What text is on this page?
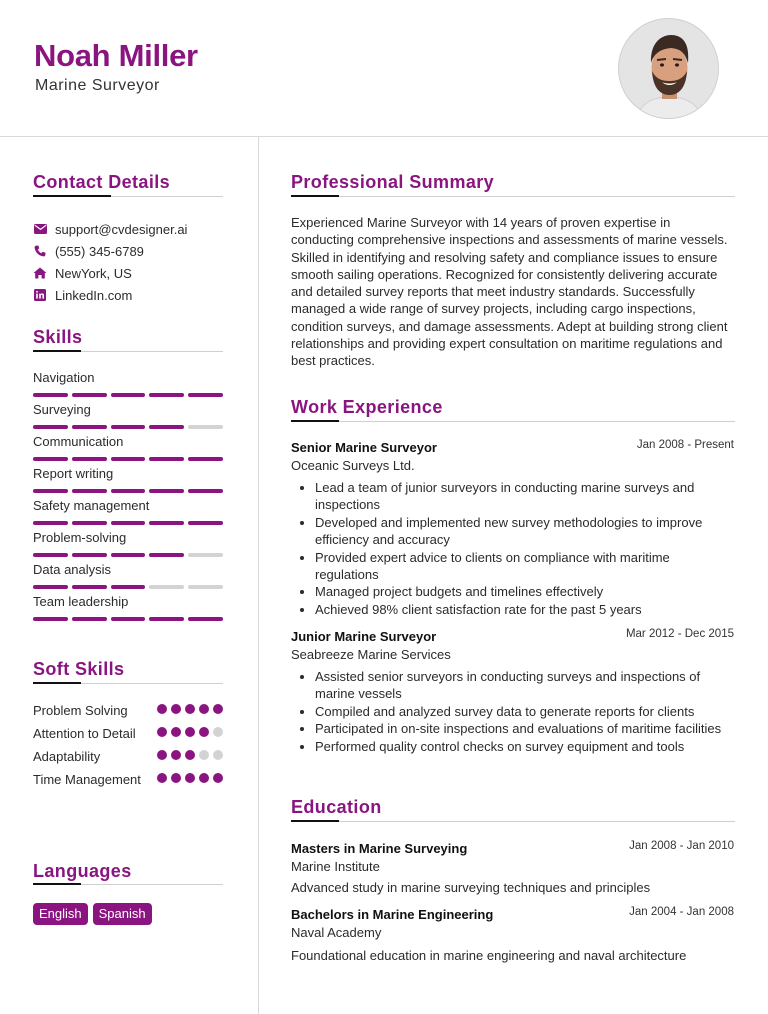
Noah Miller
Marine Surveyor
Contact Details
support@cvdesigner.ai
(555) 345-6789
NewYork, US
LinkedIn.com
Skills
Navigation
Surveying
Communication
Report writing
Safety management
Problem-solving
Data analysis
Team leadership
Soft Skills
Problem Solving
Attention to Detail
Adaptability
Time Management
Languages
English	Spanish
Professional Summary
Experienced Marine Surveyor with 14 years of proven expertise in conducting comprehensive inspections and assessments of marine vessels. Skilled in identifying and resolving safety and compliance issues to ensure smooth sailing operations. Recognized for consistently delivering accurate and detailed survey reports that meet industry standards. Successfully managed a wide range of survey projects, including cargo inspections, condition surveys, and damage assessments. Adept at building strong client relationships and providing expert consultation on maritime regulations and best practices.
Work Experience
Senior Marine Surveyor	Jan 2008 - Present
Oceanic Surveys Ltd.
Lead a team of junior surveyors in conducting marine surveys and inspections
Developed and implemented new survey methodologies to improve efficiency and accuracy
Provided expert advice to clients on compliance with maritime regulations
Managed project budgets and timelines effectively
Achieved 98% client satisfaction rate for the past 5 years
Junior Marine Surveyor	Mar 2012 - Dec 2015
Seabreeze Marine Services
Assisted senior surveyors in conducting surveys and inspections of marine vessels
Compiled and analyzed survey data to generate reports for clients
Participated in on-site inspections and evaluations of maritime facilities
Performed quality control checks on survey equipment and tools
Education
Masters in Marine Surveying	Jan 2008 - Jan 2010
Marine Institute
Advanced study in marine surveying techniques and principles
Bachelors in Marine Engineering	Jan 2004 - Jan 2008
Naval Academy
Foundational education in marine engineering and naval architecture
